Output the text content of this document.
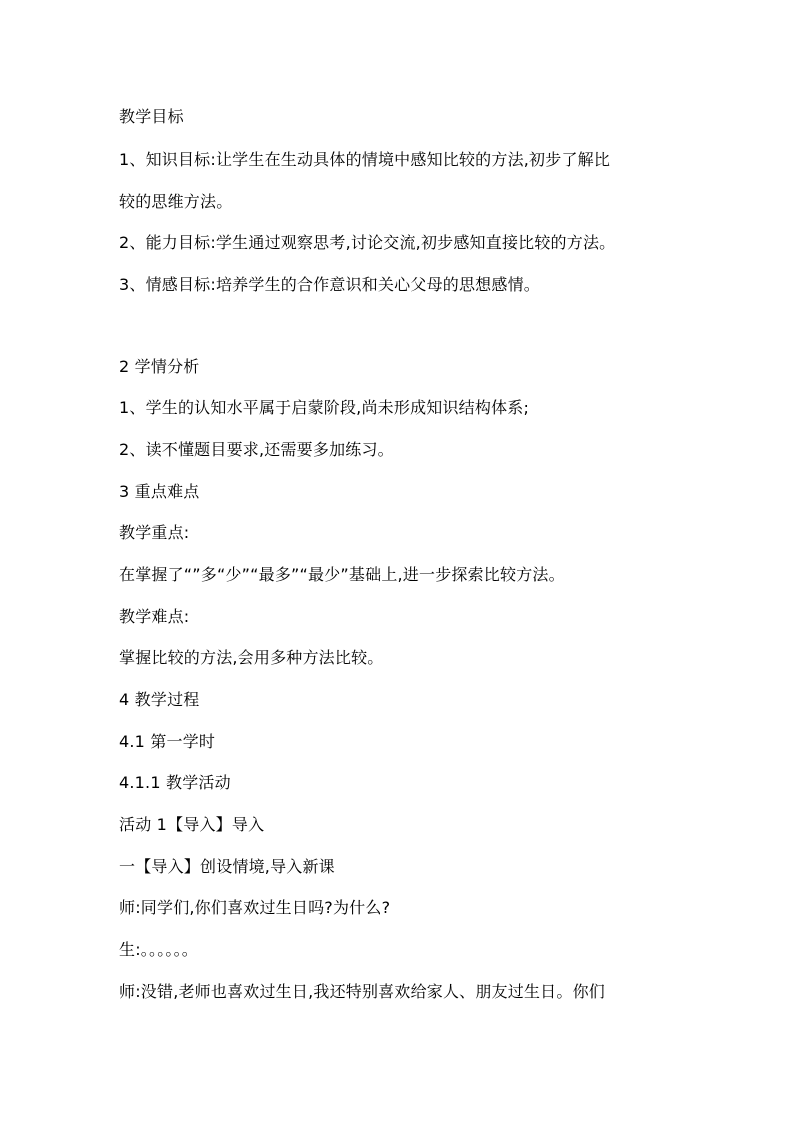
教学目标
1、知识目标:让学生在生动具体的情境中感知比较的方法,初步了解比
较的思维方法。
2、能力目标:学生通过观察思考,讨论交流,初步感知直接比较的方法。
3、情感目标:培养学生的合作意识和关心父母的思想感情。
2 学情分析
1、学生的认知水平属于启蒙阶段,尚未形成知识结构体系;
2、读不懂题目要求,还需要多加练习。
3 重点难点
教学重点:
在掌握了“”多“少”“最多”“最少”基础上,进一步探索比较方法。
教学难点:
掌握比较的方法,会用多种方法比较。
4 教学过程
4.1 第一学时
4.1.1 教学活动
活动 1【导入】导入
一【导入】创设情境,导入新课
师:同学们,你们喜欢过生日吗?为什么?
生:。。。。。。
师:没错,老师也喜欢过生日,我还特别喜欢给家人、朋友过生日。你们
